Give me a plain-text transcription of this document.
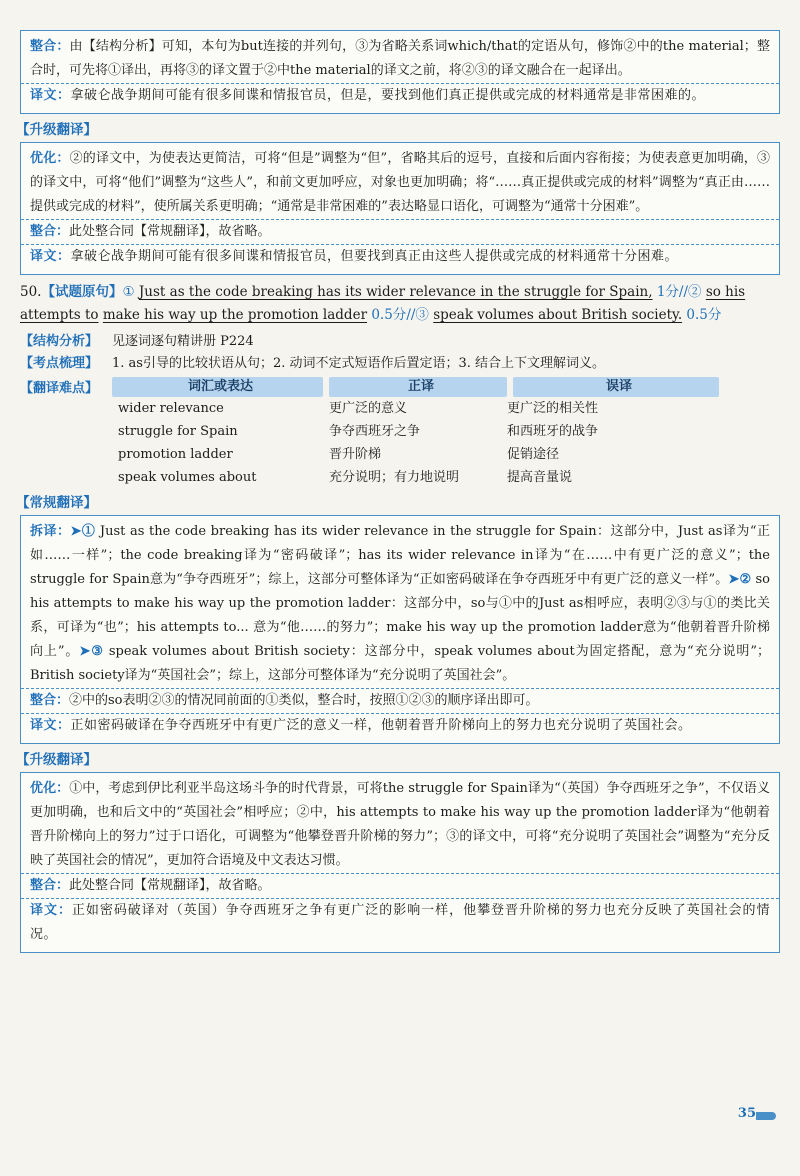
整合：由【结构分析】可知，本句为but连接的并列句，③为省略关系词which/that的定语从句，修饰②中的the material；整合时，可先将①译出，再将③的译文置于②中the material的译文之前，将②③的译文融合在一起译出。

译文：拿破仑战争期间可能有很多间谍和情报官员，但是，要找到他们真正提供或完成的材料通常是非常困难的。

【升级翻译】

优化：②的译文中，为使表达更简洁，可将“但是”调整为“但”，省略其后的逗号，直接和后面内容衔接；为使表意更加明确，③的译文中，可将“他们”调整为“这些人”，和前文更加呼应，对象也更加明确；将“……真正提供或完成的材料”调整为“真正由……提供或完成的材料”，使所属关系更明确；“通常是非常困难的”表达略显口语化，可调整为“通常十分困难”。

整合：此处整合同【常规翻译】，故省略。

译文：拿破仑战争期间可能有很多间谍和情报官员，但要找到真正由这些人提供或完成的材料通常十分困难。

50.【试题原句】① Just as the code breaking has its wider relevance in the struggle for Spain, 1分//② so his attempts to make his way up the promotion ladder 0.5分//③ speak volumes about British society. 0.5分

【结构分析】 见逐词逐句精讲册 P224

【考点梳理】 1. as引导的比较状语从句；2. 动词不定式短语作后置定语；3. 结合上下文理解词义。

【翻译难点】	词汇或表达	正译	误译
wider relevance	更广泛的意义	更广泛的相关性
struggle for Spain	争夺西班牙之争	和西班牙的战争
promotion ladder	晋升阶梯	促销途径
speak volumes about	充分说明；有力地说明	提高音量说
【常规翻译】

拆译：➤① Just as the code breaking has its wider relevance in the struggle for Spain：这部分中，Just as译为“正如……一样”；the code breaking译为“密码破译”；has its wider relevance in译为“在……中有更广泛的意义”；the struggle for Spain意为“争夺西班牙”；综上，这部分可整体译为“正如密码破译在争夺西班牙中有更广泛的意义一样”。➤② so his attempts to make his way up the promotion ladder：这部分中，so与①中的Just as相呼应，表明②③与①的类比关系，可译为“也”；his attempts to... 意为“他……的努力”；make his way up the promotion ladder意为“他朝着晋升阶梯向上”。➤③ speak volumes about British society：这部分中，speak volumes about为固定搭配，意为“充分说明”；British society译为“英国社会”；综上，这部分可整体译为“充分说明了英国社会”。

整合：②中的so表明②③的情况同前面的①类似，整合时，按照①②③的顺序译出即可。

译文：正如密码破译在争夺西班牙中有更广泛的意义一样，他朝着晋升阶梯向上的努力也充分说明了英国社会。

【升级翻译】

优化：①中，考虑到伊比利亚半岛这场斗争的时代背景，可将the struggle for Spain译为“（英国）争夺西班牙之争”，不仅语义更加明确，也和后文中的“英国社会”相呼应；②中，his attempts to make his way up the promotion ladder译为“他朝着晋升阶梯向上的努力”过于口语化，可调整为“他攀登晋升阶梯的努力”；③的译文中，可将“充分说明了英国社会”调整为“充分反映了英国社会的情况”，更加符合语境及中文表达习惯。

整合：此处整合同【常规翻译】，故省略。

译文：正如密码破译对（英国）争夺西班牙之争有更广泛的影响一样，他攀登晋升阶梯的努力也充分反映了英国社会的情况。

35
